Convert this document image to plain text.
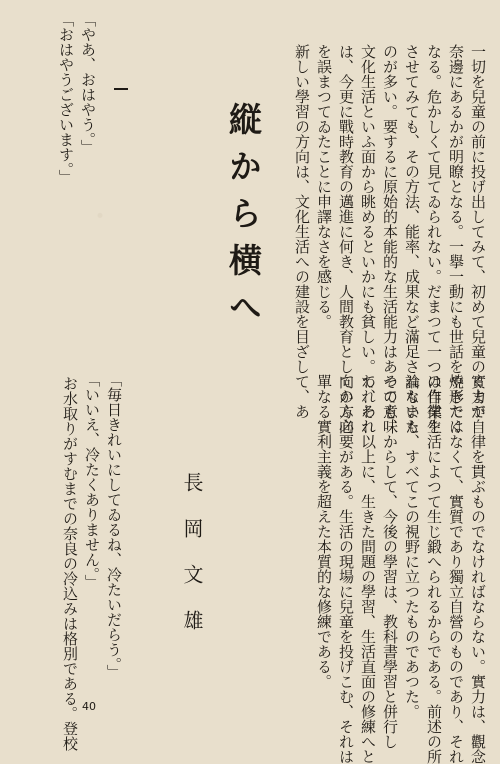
一切を兒童の前に投げ出してみて、初めて兒童の實力が
奈邊にあるかが明瞭となる。一擧一動にも世話を燒きたく
なる。危かしくて見てゐられない。だまつて一つの作業を
させてみても、その方法、能率、成果など滿足されないも
のが多い。要するに原始的本能的な生活能力はあつても、
文化生活といふ面から眺めるといかにも貧しい。われわれ
は、今更に戰時教育の邁進に何き、人間教育としての方向
を誤まつてゐたことに申譯なさを感じる。
新しい學習の方向は、文化生活への建設を目ざして、あ
縦から横へ
長岡文雄
「やあ、おはやう。」
「おはやうございます。」
くまで自律を貫ぶものでなければならない。實力は、觀念
や形ではなくて、實質であり獨立自營のものであり、それ
は自律生活によつて生じ鍛へられるからである。前述の所
論もまた、すべてこの視野に立つたものであつた。
その意味からして、今後の學習は、教科書學習と併行し
て、それ以上に、生きた問題の學習、生活直面の修練へと
向かふ必要がある。生活の現場に兒童を投げこむ、それは
單なる實利主義を超えた本質的な修練である。
「毎日きれいにしてゐるね、冷たいだらう。」
「いいえ、冷たくありません。」
お水取りがすむまでの奈良の冷込みは格別である。登校 40
